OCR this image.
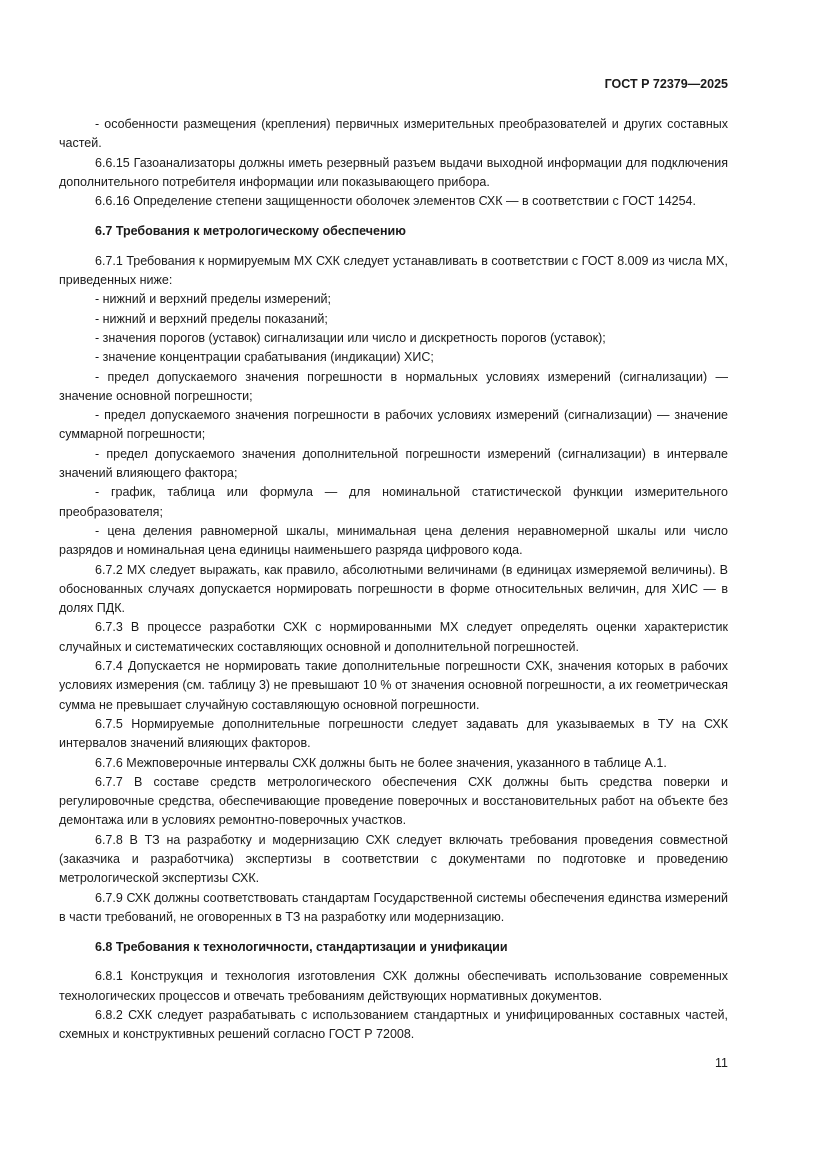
ГОСТ Р 72379—2025
- особенности размещения (крепления) первичных измерительных преобразователей и других составных частей.
6.6.15 Газоанализаторы должны иметь резервный разъем выдачи выходной информации для подключения дополнительного потребителя информации или показывающего прибора.
6.6.16 Определение степени защищенности оболочек элементов СХК — в соответствии с ГОСТ 14254.
6.7 Требования к метрологическому обеспечению
6.7.1 Требования к нормируемым МХ СХК следует устанавливать в соответствии с ГОСТ 8.009 из числа МХ, приведенных ниже:
- нижний и верхний пределы измерений;
- нижний и верхний пределы показаний;
- значения порогов (уставок) сигнализации или число и дискретность порогов (уставок);
- значение концентрации срабатывания (индикации) ХИС;
- предел допускаемого значения погрешности в нормальных условиях измерений (сигнализации) — значение основной погрешности;
- предел допускаемого значения погрешности в рабочих условиях измерений (сигнализации) — значение суммарной погрешности;
- предел допускаемого значения дополнительной погрешности измерений (сигнализации) в интервале значений влияющего фактора;
- график, таблица или формула — для номинальной статистической функции измерительного преобразователя;
- цена деления равномерной шкалы, минимальная цена деления неравномерной шкалы или число разрядов и номинальная цена единицы наименьшего разряда цифрового кода.
6.7.2 МХ следует выражать, как правило, абсолютными величинами (в единицах измеряемой величины). В обоснованных случаях допускается нормировать погрешности в форме относительных величин, для ХИС — в долях ПДК.
6.7.3 В процессе разработки СХК с нормированными МХ следует определять оценки характеристик случайных и систематических составляющих основной и дополнительной погрешностей.
6.7.4 Допускается не нормировать такие дополнительные погрешности СХК, значения которых в рабочих условиях измерения (см. таблицу 3) не превышают 10 % от значения основной погрешности, а их геометрическая сумма не превышает случайную составляющую основной погрешности.
6.7.5 Нормируемые дополнительные погрешности следует задавать для указываемых в ТУ на СХК интервалов значений влияющих факторов.
6.7.6 Межповерочные интервалы СХК должны быть не более значения, указанного в таблице А.1.
6.7.7 В составе средств метрологического обеспечения СХК должны быть средства поверки и регулировочные средства, обеспечивающие проведение поверочных и восстановительных работ на объекте без демонтажа или в условиях ремонтно-поверочных участков.
6.7.8 В ТЗ на разработку и модернизацию СХК следует включать требования проведения совместной (заказчика и разработчика) экспертизы в соответствии с документами по подготовке и проведению метрологической экспертизы СХК.
6.7.9 СХК должны соответствовать стандартам Государственной системы обеспечения единства измерений в части требований, не оговоренных в ТЗ на разработку или модернизацию.
6.8 Требования к технологичности, стандартизации и унификации
6.8.1 Конструкция и технология изготовления СХК должны обеспечивать использование современных технологических процессов и отвечать требованиям действующих нормативных документов.
6.8.2 СХК следует разрабатывать с использованием стандартных и унифицированных составных частей, схемных и конструктивных решений согласно ГОСТ Р 72008.
11
